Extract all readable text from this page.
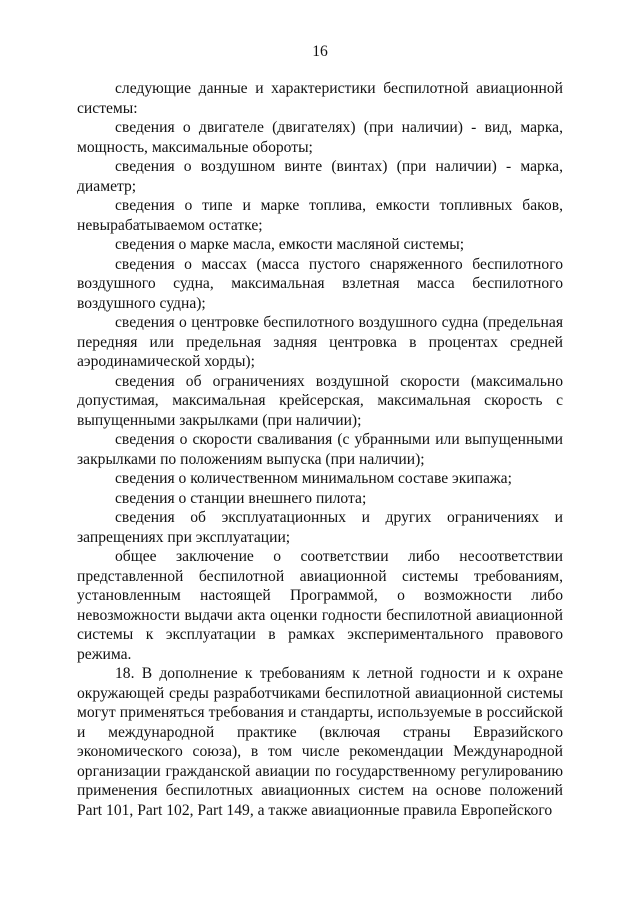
16

следующие данные и характеристики беспилотной авиационной системы:

сведения о двигателе (двигателях) (при наличии) - вид, марка, мощность, максимальные обороты;

сведения о воздушном винте (винтах) (при наличии) - марка, диаметр;

сведения о типе и марке топлива, емкости топливных баков, невырабатываемом остатке;

сведения о марке масла, емкости масляной системы;

сведения о массах (масса пустого снаряженного беспилотного воздушного судна, максимальная взлетная масса беспилотного воздушного судна);

сведения о центровке беспилотного воздушного судна (предельная передняя или предельная задняя центровка в процентах средней аэродинамической хорды);

сведения об ограничениях воздушной скорости (максимально допустимая, максимальная крейсерская, максимальная скорость с выпущенными закрылками (при наличии);

сведения о скорости сваливания (с убранными или выпущенными закрылками по положениям выпуска (при наличии);

сведения о количественном минимальном составе экипажа;

сведения о станции внешнего пилота;

сведения об эксплуатационных и других ограничениях и запрещениях при эксплуатации;

общее заключение о соответствии либо несоответствии представленной беспилотной авиационной системы требованиям, установленным настоящей Программой, о возможности либо невозможности выдачи акта оценки годности беспилотной авиационной системы к эксплуатации в рамках экспериментального правового режима.

18. В дополнение к требованиям к летной годности и к охране окружающей среды разработчиками беспилотной авиационной системы могут применяться требования и стандарты, используемые в российской и международной практике (включая страны Евразийского экономического союза), в том числе рекомендации Международной организации гражданской авиации по государственному регулированию применения беспилотных авиационных систем на основе положений Part 101, Part 102, Part 149, а также авиационные правила Европейского
